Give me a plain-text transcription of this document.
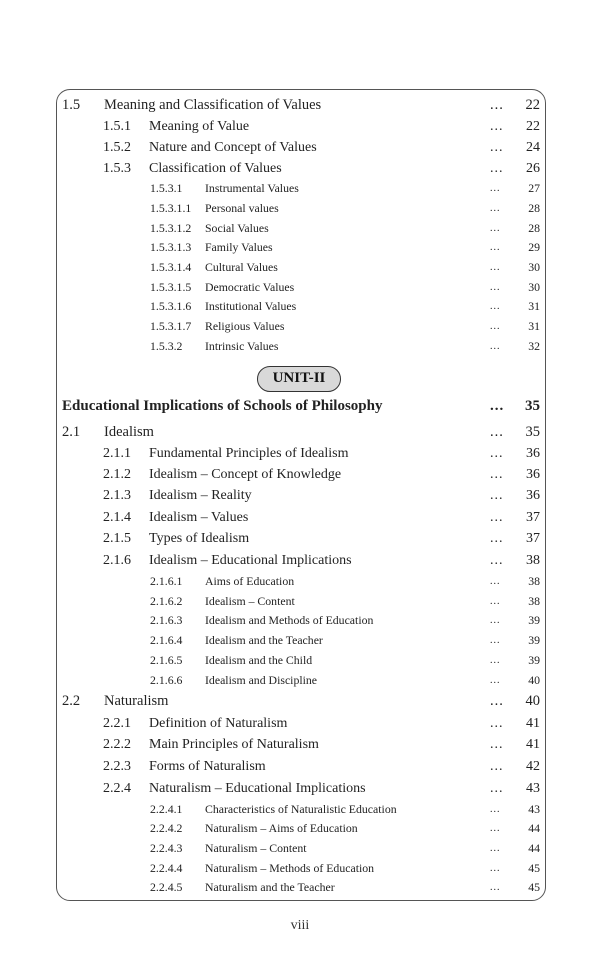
1.5 Meaning and Classification of Values	... 22
1.5.1 Meaning of Value	... 22
1.5.2 Nature and Concept of Values	... 24
1.5.3 Classification of Values	... 26
1.5.3.1 Instrumental Values	... 27
1.5.3.1.1 Personal values	... 28
1.5.3.1.2 Social Values	... 28
1.5.3.1.3 Family Values	... 29
1.5.3.1.4 Cultural Values	... 30
1.5.3.1.5 Democratic Values	... 30
1.5.3.1.6 Institutional Values	... 31
1.5.3.1.7 Religious Values	... 31
1.5.3.2 Intrinsic Values	... 32
UNIT-II
Educational Implications of Schools of Philosophy	... 35
2.1 Idealism	... 35
2.1.1 Fundamental Principles of Idealism	... 36
2.1.2 Idealism – Concept of Knowledge	... 36
2.1.3 Idealism – Reality	... 36
2.1.4 Idealism – Values	... 37
2.1.5 Types of Idealism	... 37
2.1.6 Idealism – Educational Implications	... 38
2.1.6.1 Aims of Education	... 38
2.1.6.2 Idealism – Content	... 38
2.1.6.3 Idealism and Methods of Education	... 39
2.1.6.4 Idealism and the Teacher	... 39
2.1.6.5 Idealism and the Child	... 39
2.1.6.6 Idealism and Discipline	... 40
2.2 Naturalism	... 40
2.2.1 Definition of Naturalism	... 41
2.2.2 Main Principles of Naturalism	... 41
2.2.3 Forms of Naturalism	... 42
2.2.4 Naturalism – Educational Implications	... 43
2.2.4.1 Characteristics of Naturalistic Education	... 43
2.2.4.2 Naturalism – Aims of Education	... 44
2.2.4.3 Naturalism – Content	... 44
2.2.4.4 Naturalism – Methods of Education	... 45
2.2.4.5 Naturalism and the Teacher	... 45
viii
